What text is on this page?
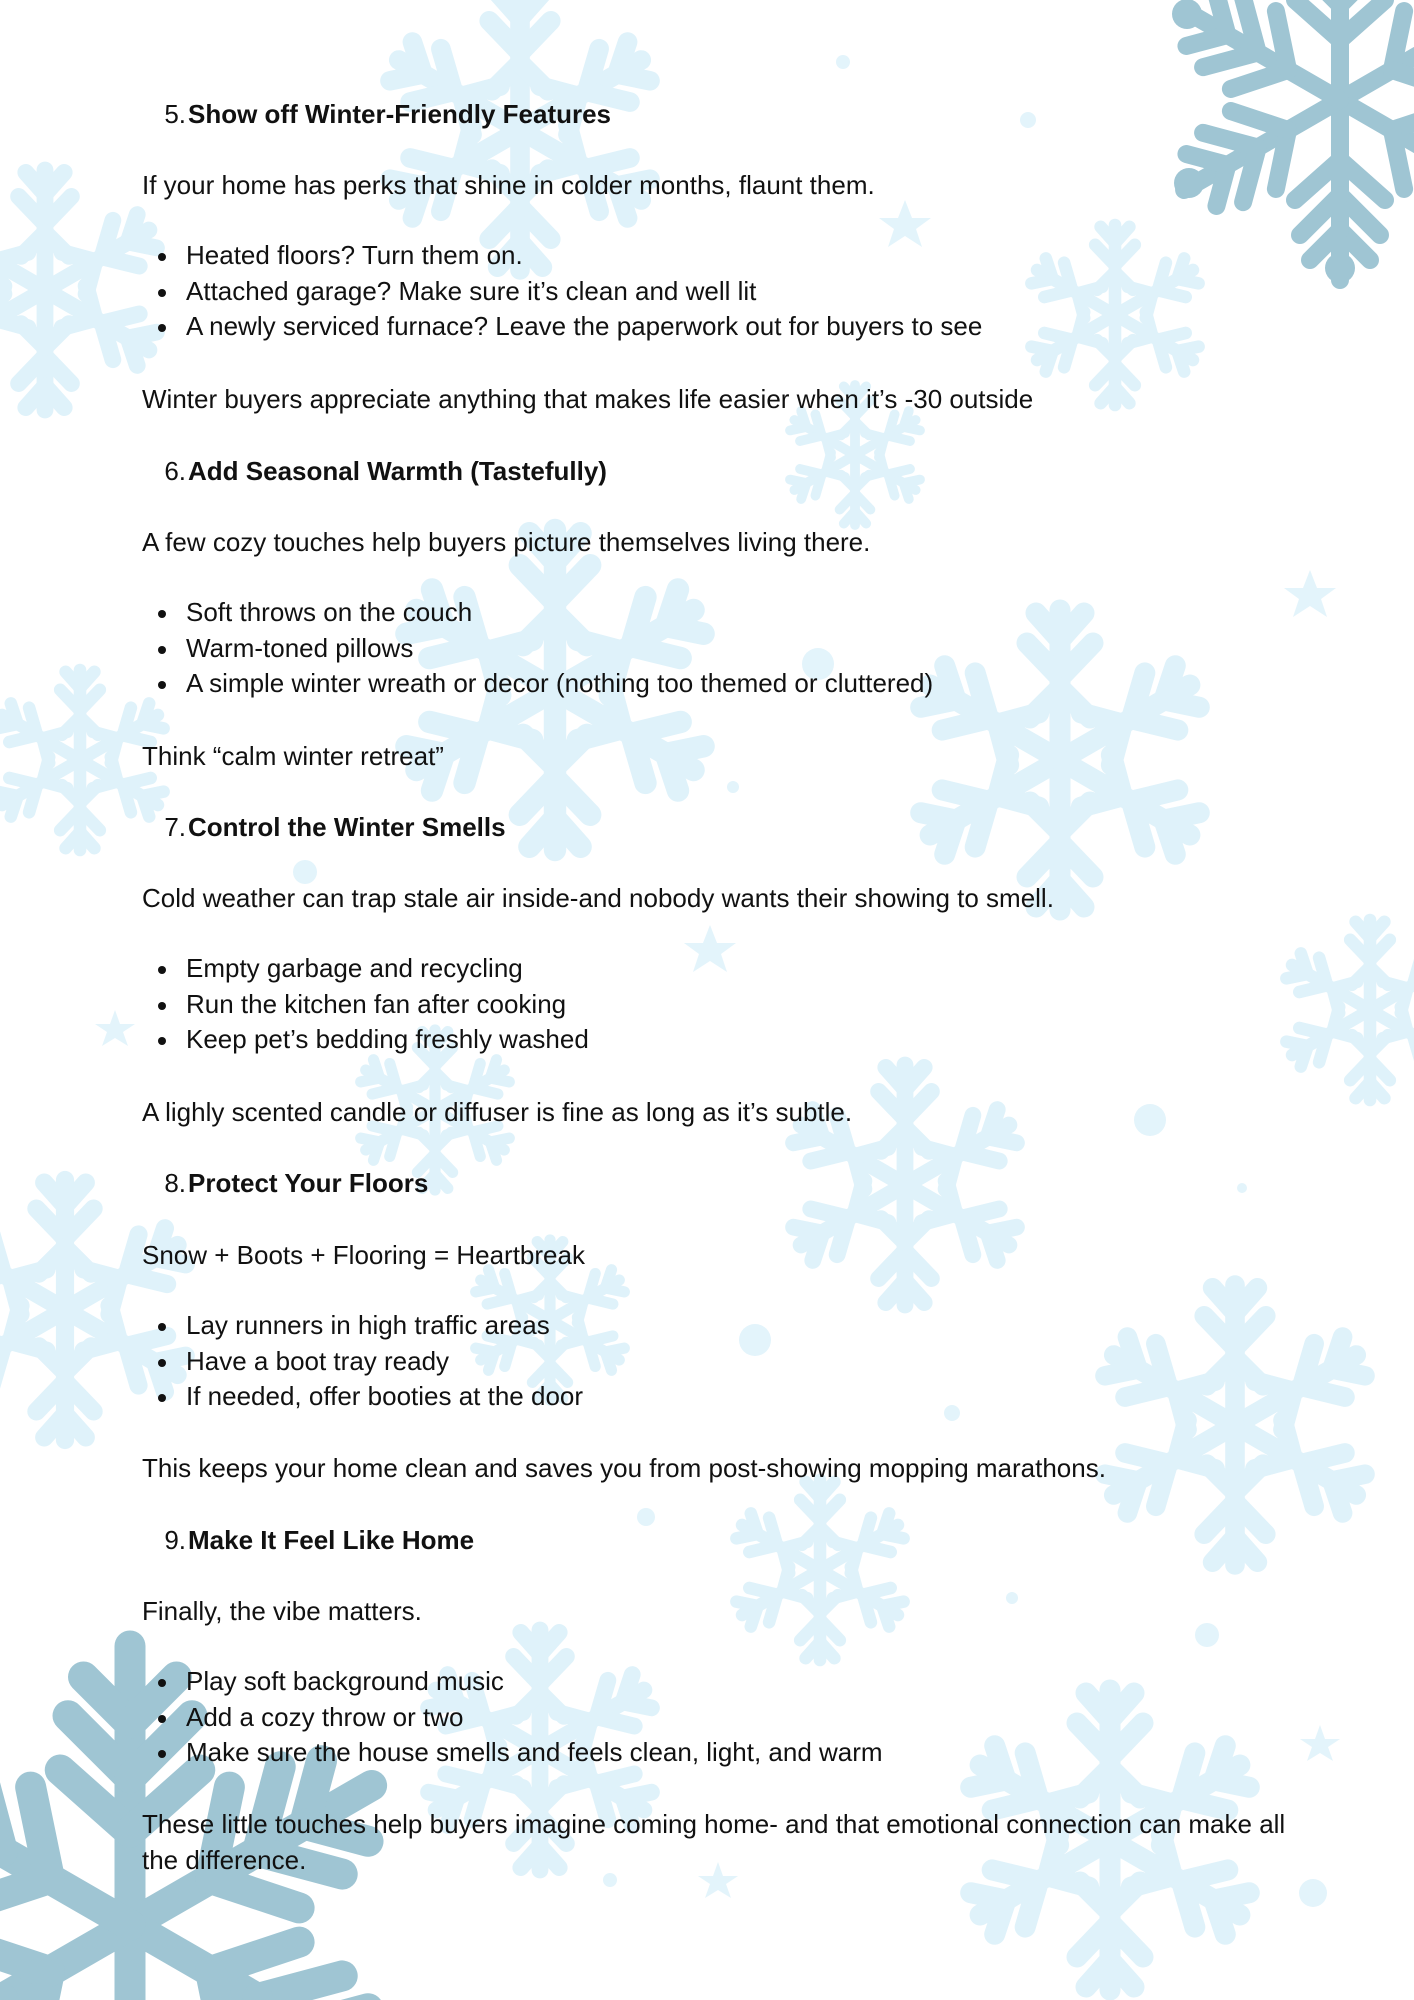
5.Show off Winter-Friendly Features
If your home has perks that shine in colder months, flaunt them.
Heated floors? Turn them on.
Attached garage? Make sure it’s clean and well lit
A newly serviced furnace? Leave the paperwork out for buyers to see
Winter buyers appreciate anything that makes life easier when it’s -30 outside
6.Add Seasonal Warmth (Tastefully)
A few cozy touches help buyers picture themselves living there.
Soft throws on the couch
Warm-toned pillows
A simple winter wreath or decor (nothing too themed or cluttered)
Think “calm winter retreat”
7.Control the Winter Smells
Cold weather can trap stale air inside-and nobody wants their showing to smell.
Empty garbage and recycling
Run the kitchen fan after cooking
Keep pet’s bedding freshly washed
A lighly scented candle or diffuser is fine as long as it’s subtle.
8.Protect Your Floors
Snow + Boots + Flooring = Heartbreak
Lay runners in high traffic areas
Have a boot tray ready
If needed, offer booties at the door
This keeps your home clean and saves you from post-showing mopping marathons.
9.Make It Feel Like Home
Finally, the vibe matters.
Play soft background music
Add a cozy throw or two
Make sure the house smells and feels clean, light, and warm
These little touches help buyers imagine coming home- and that emotional connection can make all the difference.
